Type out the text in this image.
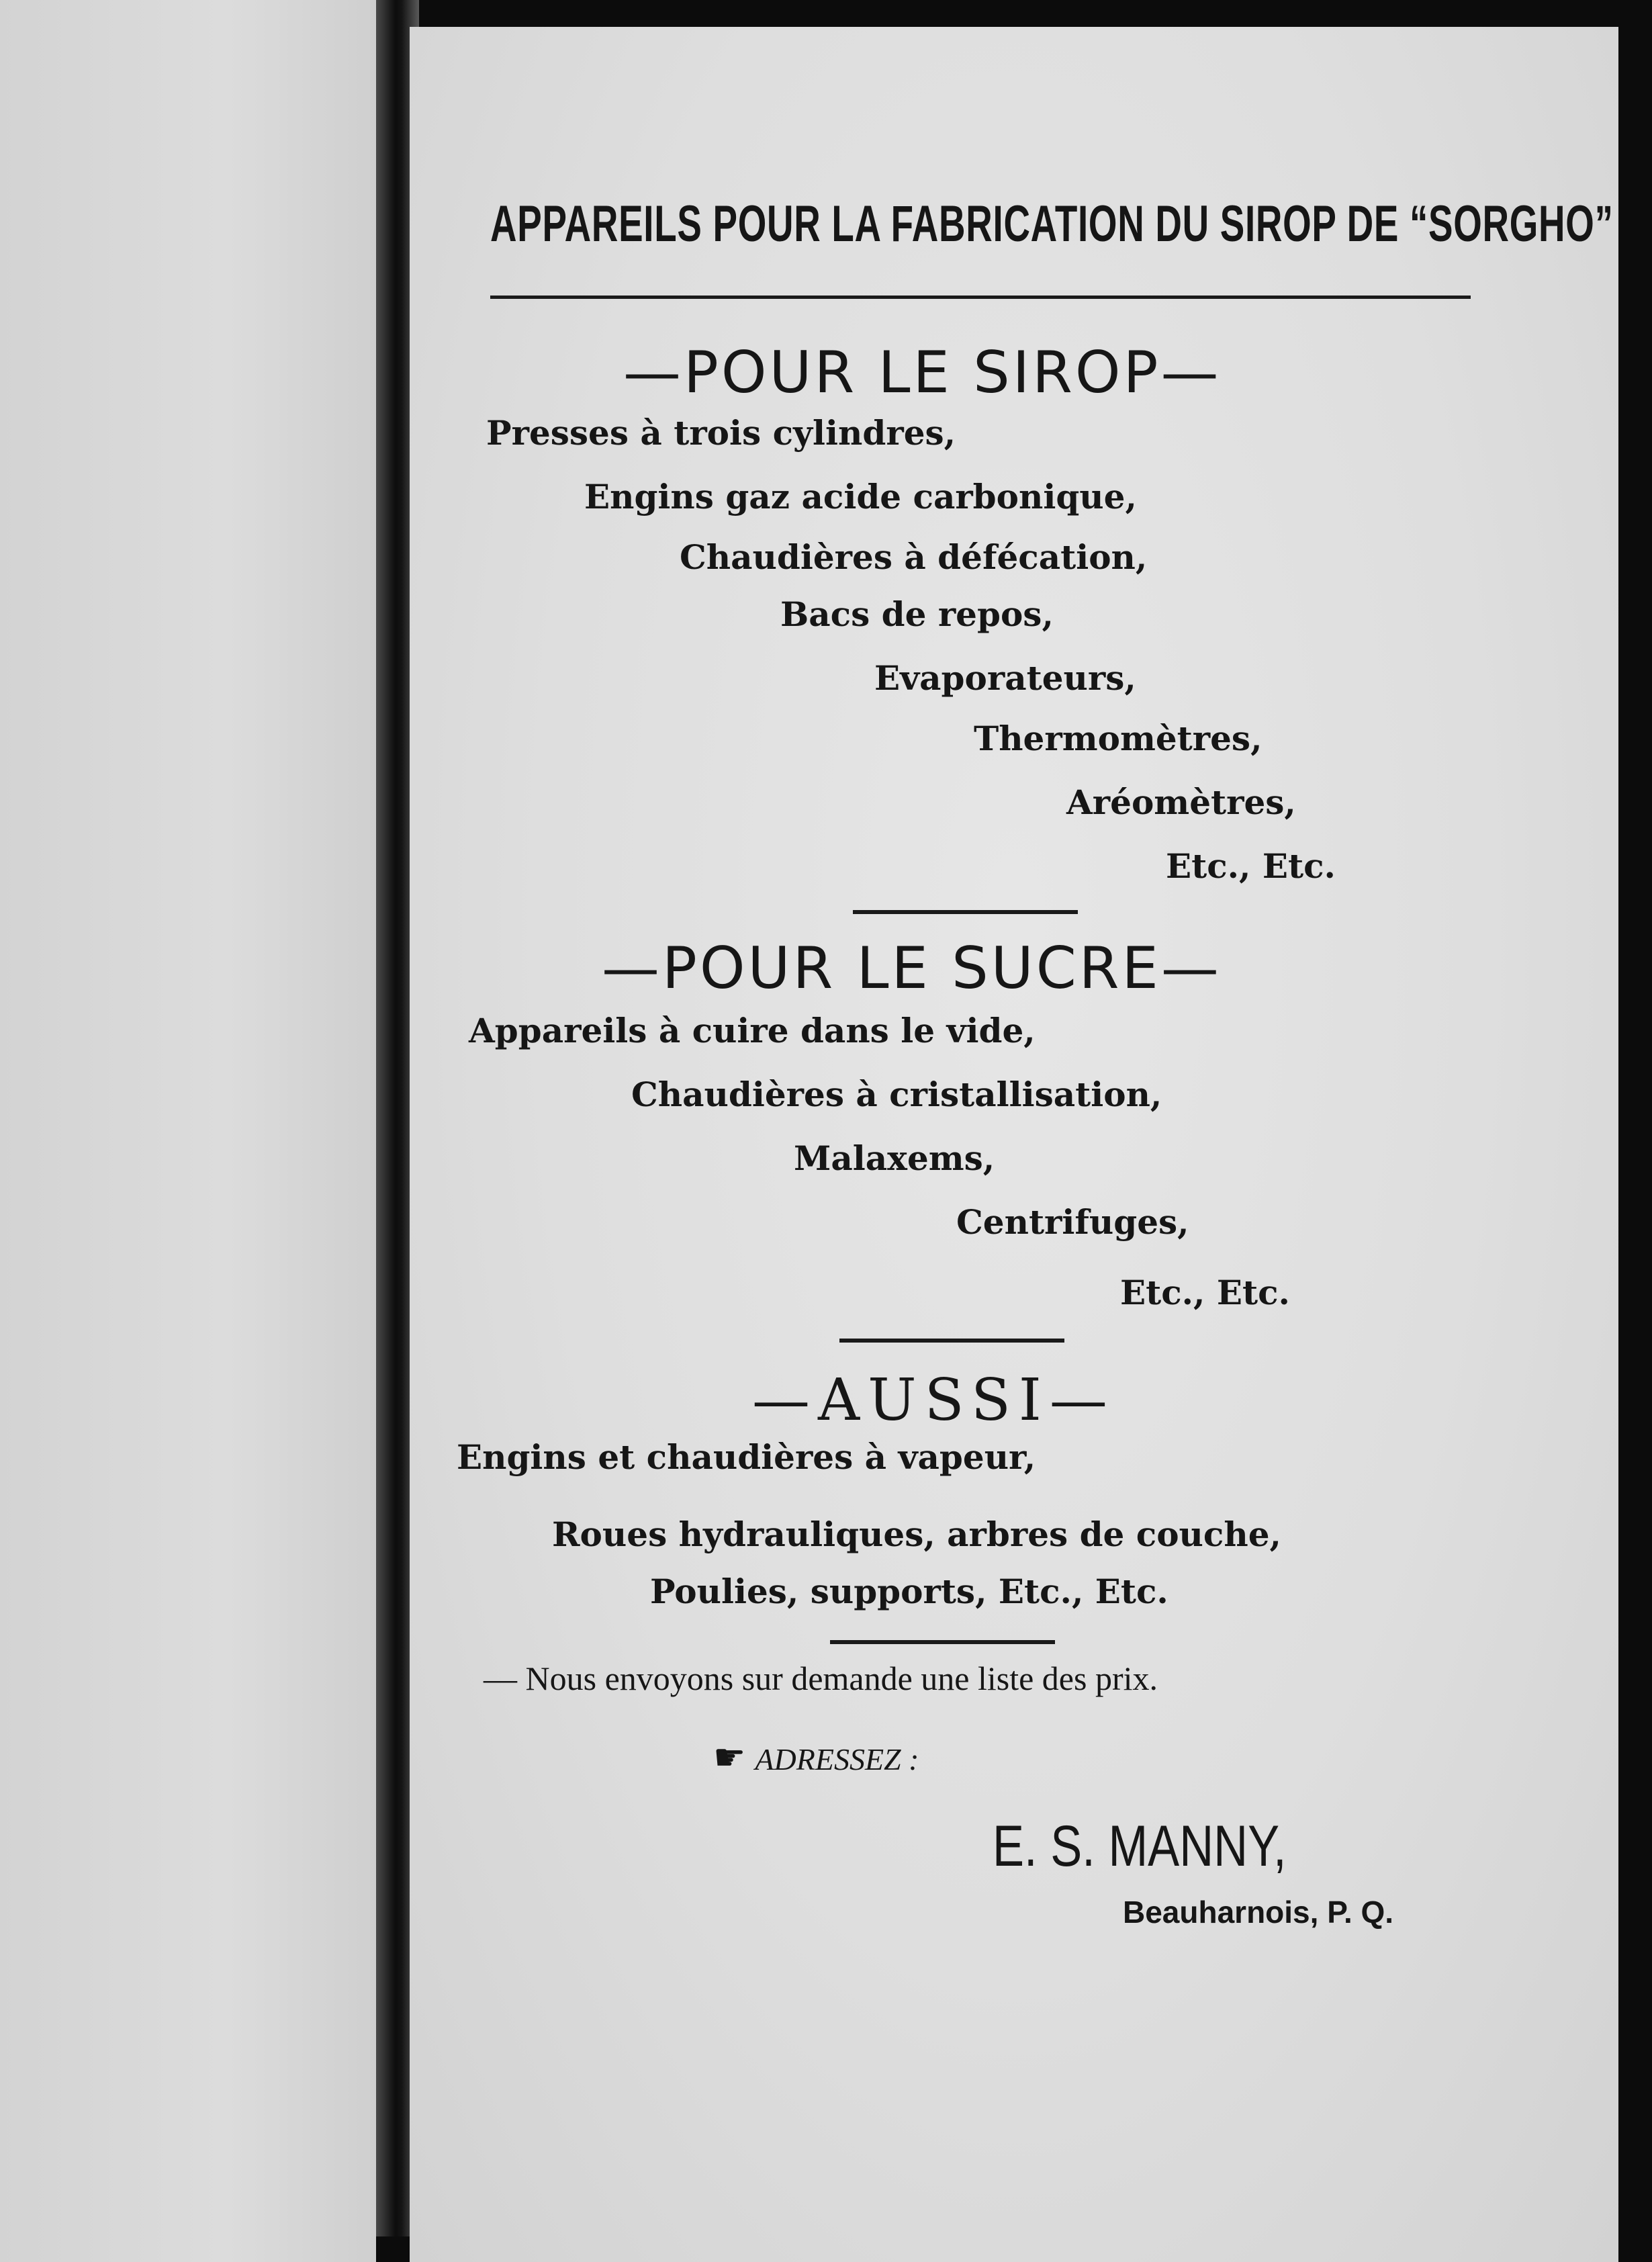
APPAREILS POUR LA FABRICATION DU SIROP DE “SORGHO”
—POUR LE SIROP—

Presses à trois cylindres,

Engins gaz acide carbonique,

Chaudières à défécation,

Bacs de repos,

Evaporateurs,

Thermomètres,

Aréomètres,

Etc., Etc.

—POUR LE SUCRE—

Appareils à cuire dans le vide,

Chaudières à cristallisation,

Malaxems,

Centrifuges,

Etc., Etc.

—AUSSI—

Engins et chaudières à vapeur,

Roues hydrauliques, arbres de couche,

Poulies, supports, Etc., Etc.

— Nous envoyons sur demande une liste des prix.

☛ ADRESSEZ :

E. S. MANNY,

Beauharnois, P. Q.
